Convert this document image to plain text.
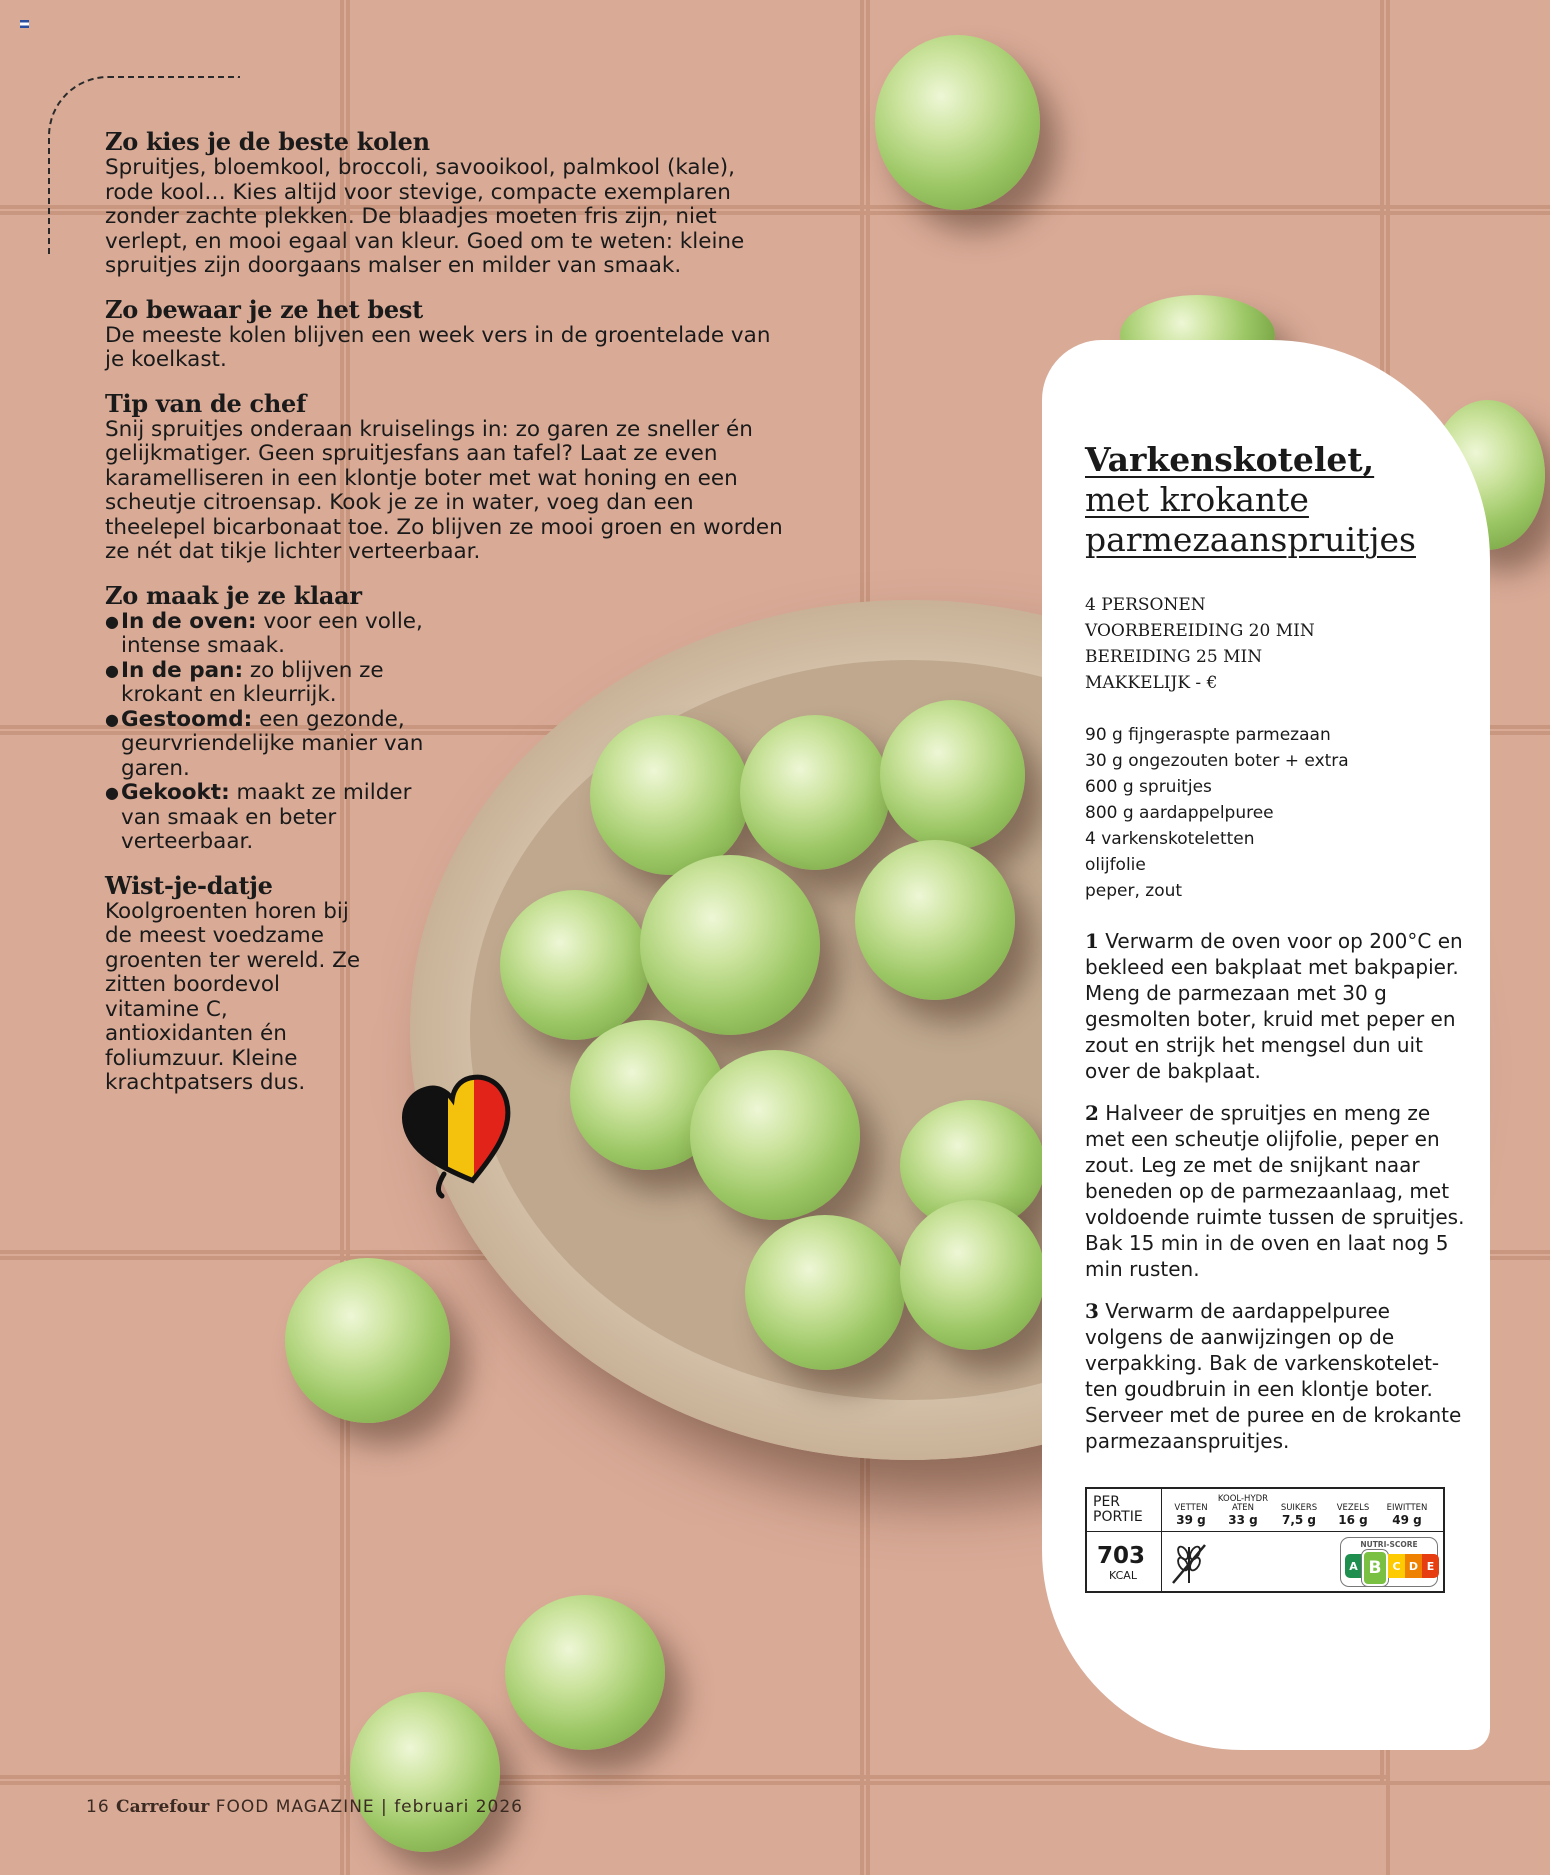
Zo kies je de beste kolen

Spruitjes, bloemkool, broccoli, savooikool, palmkool (kale), rode kool… Kies altijd voor stevige, compacte exemplaren zonder zachte plekken. De blaadjes moeten fris zijn, niet verlept, en mooi egaal van kleur. Goed om te weten: kleine spruitjes zijn doorgaans malser en milder van smaak.

Zo bewaar je ze het best

De meeste kolen blijven een week vers in de groentelade van je koelkast.

Tip van de chef

Snij spruitjes onderaan kruiselings in: zo garen ze sneller én gelijkmatiger. Geen spruitjesfans aan tafel? Laat ze even karamelliseren in een klontje boter met wat honing en een scheutje citroensap. Kook je ze in water, voeg dan een theelepel bicarbonaat toe. Zo blijven ze mooi groen en worden ze nét dat tikje lichter verteerbaar.

Zo maak je ze klaar
● In de oven: voor een volle, intense smaak.
● In de pan: zo blijven ze krokant en kleurrijk.
● Gestoomd: een gezonde, geurvriendelijke manier van garen.
● Gekookt: maakt ze milder van smaak en beter verteerbaar.
Wist-je-datje

Koolgroenten horen bij de meest voedzame groenten ter wereld. Ze zitten boordevol vitamine C, antioxidanten én foliumzuur. Kleine krachtpatsers dus.

Varkenskotelet,
met krokante
parmezaanspruitjes
4 PERSONEN
VOORBEREIDING 20 MIN
BEREIDING 25 MIN
MAKKELIJK - €
90 g fijngeraspte parmezaan
30 g ongezouten boter + extra
600 g spruitjes
800 g aardappelpuree
4 varkenskoteletten
olijfolie
peper, zout

1 Verwarm de oven voor op 200°C en bekleed een bakplaat met bakpapier. Meng de parmezaan met 30 g gesmolten boter, kruid met peper en zout en strijk het mengsel dun uit over de bakplaat.

2 Halveer de spruitjes en meng ze met een scheutje olijfolie, peper en zout. Leg ze met de snijkant naar beneden op de parmezaanlaag, met voldoende ruimte tussen de spruitjes. Bak 15 min in de oven en laat nog 5 min rusten.

3 Verwarm de aardappelpuree volgens de aanwijzingen op de verpakking. Bak de varkenskotelet-ten goudbruin in een klontje boter. Serveer met de puree en de krokante parmezaanspruitjes.

PER PORTIE
703
KCAL
VETTEN
39 g
KOOL-HYDRATEN
33 g
SUIKERS
7,5 g
VEZELS
16 g
EIWITTEN
49 g
NUTRI-SCORE
A B C D E
16 Carrefour FOOD MAGAZINE | februari 2026
